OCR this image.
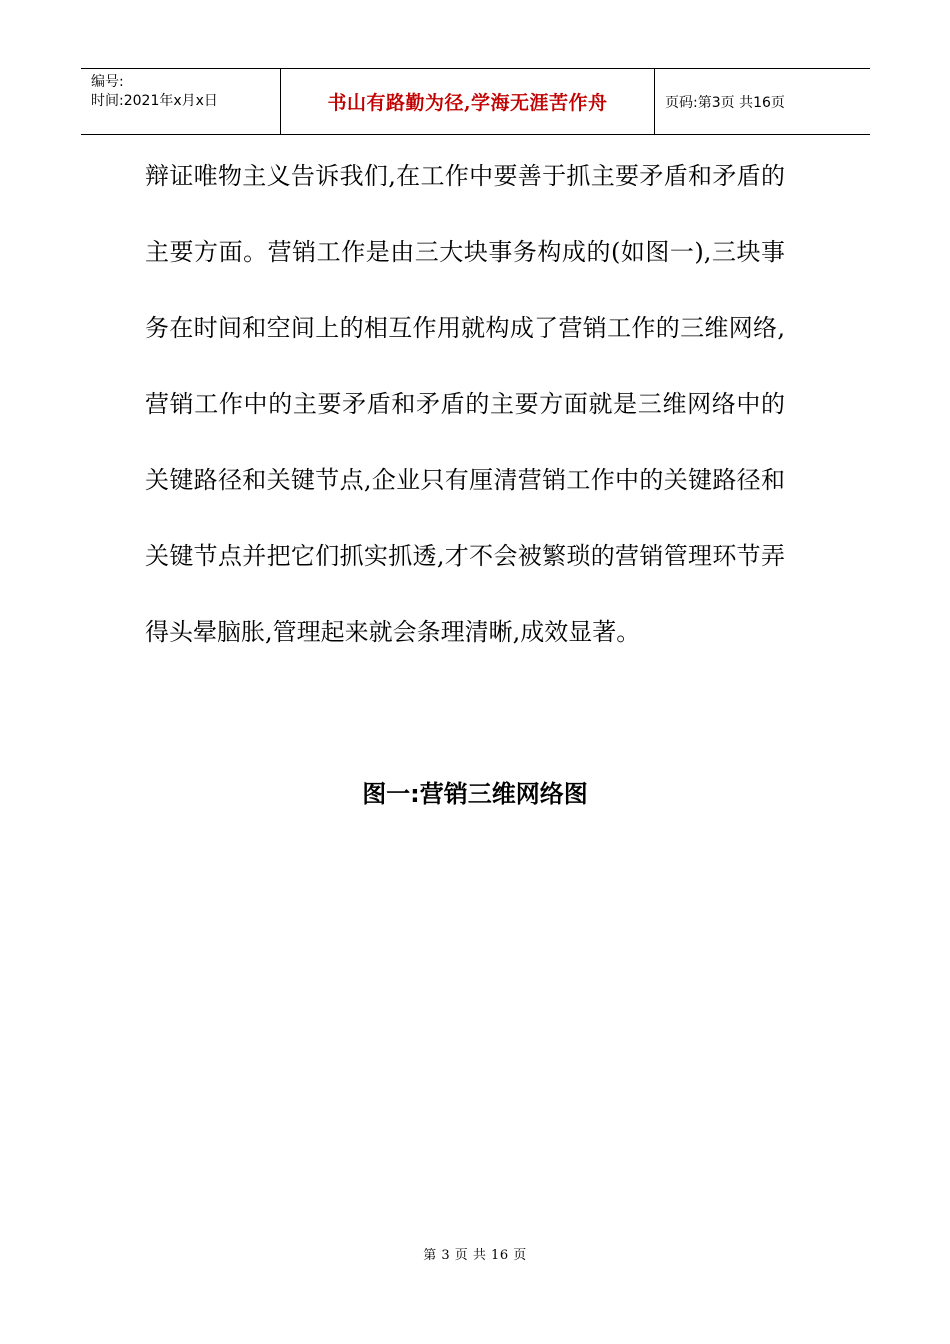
编号:
时间:2021年x月x日	书山有路勤为径,学海无涯苦作舟	页码:第3页 共16页

辩证唯物主义告诉我们,在工作中要善于抓主要矛盾和矛盾的主要方面。营销工作是由三大块事务构成的(如图一),三块事务在时间和空间上的相互作用就构成了营销工作的三维网络,营销工作中的主要矛盾和矛盾的主要方面就是三维网络中的关键路径和关键节点,企业只有厘清营销工作中的关键路径和关键节点并把它们抓实抓透,才不会被繁琐的营销管理环节弄得头晕脑胀,管理起来就会条理清晰,成效显著。

图一:营销三维网络图
第 3 页 共 16 页
